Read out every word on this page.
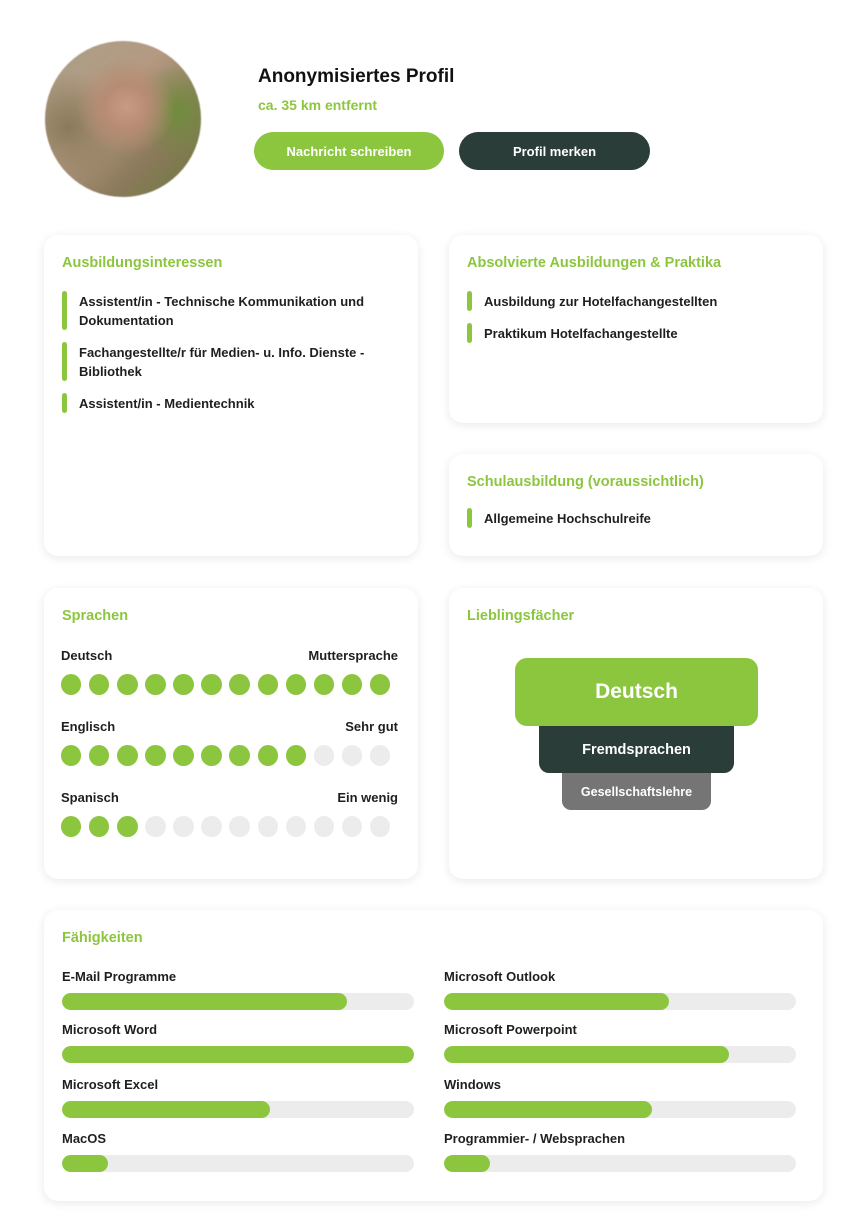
Anonymisiertes Profil
ca. 35 km entfernt
Nachricht schreiben	Profil merken
Ausbildungsinteressen
Assistent/in - Technische Kommunikation und Dokumentation
Fachangestellte/r für Medien- u. Info. Dienste - Bibliothek
Assistent/in - Medientechnik
Absolvierte Ausbildungen & Praktika
Ausbildung zur Hotelfachangestellten
Praktikum Hotelfachangestellte
Schulausbildung (voraussichtlich)
Allgemeine Hochschulreife
Sprachen
Deutsch	Muttersprache
Englisch	Sehr gut
Spanisch	Ein wenig
Lieblingsfächer
Deutsch
Fremdsprachen
Gesellschaftslehre
Fähigkeiten
E-Mail Programme	Microsoft Outlook
Microsoft Word	Microsoft Powerpoint
Microsoft Excel	Windows
MacOS	Programmier- / Websprachen
